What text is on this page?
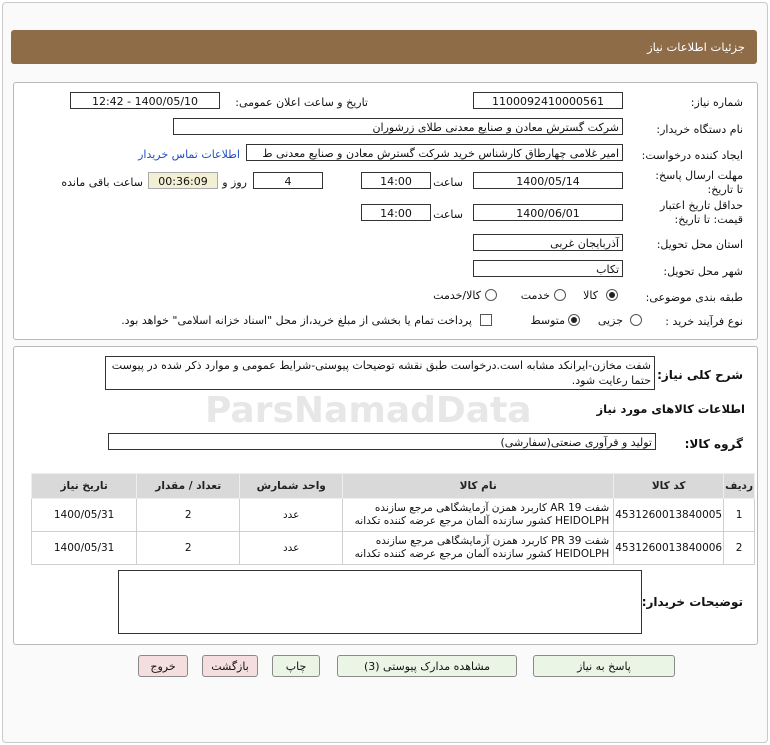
جزئیات اطلاعات نیاز
شماره نیاز:
1100092410000561
تاریخ و ساعت اعلان عمومی:
1400/05/10 - 12:42
نام دستگاه خریدار:
شرکت گسترش معادن و صنایع معدنی طلای زرشوران
ایجاد کننده درخواست:
امیر غلامی چهارطاق کارشناس خرید شرکت گسترش معادن و صنایع معدنی ط
اطلاعات تماس خریدار
مهلت ارسال پاسخ: تا تاریخ:
1400/05/14
ساعت
14:00
4
روز و
00:36:09
ساعت باقی مانده
حداقل تاریخ اعتبار قیمت: تا تاریخ:
1400/06/01
ساعت
14:00
استان محل تحویل:
آذربایجان غربی
شهر محل تحویل:
تکاب
طبقه بندی موضوعی:
کالا
خدمت
کالا/خدمت
نوع فرآیند خرید :
جزیی
متوسط
پرداخت تمام یا بخشی از مبلغ خرید،از محل "اسناد خزانه اسلامی" خواهد بود.
ردیف	کد کالا	نام کالا	واحد شمارش	تعداد / مقدار	تاریخ نیاز
1	4531260013840005	شفت AR 19 کاربرد همزن آزمایشگاهی مرجع سازنده HEIDOLPH کشور سازنده آلمان مرجع عرضه کننده تکدانه	عدد	2	1400/05/31
2	4531260013840006	شفت PR 39 کاربرد همزن آزمایشگاهی مرجع سازنده HEIDOLPH کشور سازنده آلمان مرجع عرضه کننده تکدانه	عدد	2	1400/05/31
شرح کلی نیاز:
شفت مخازن-ایرانکد مشابه است.درخواست طبق نقشه توضیحات پیوستی-شرایط عمومی و موارد ذکر شده در پیوست حتما رعایت شود.
اطلاعات کالاهای مورد نیاز
گروه کالا:
تولید و فرآوری صنعتی(سفارشی)
توضیحات خریدار:
پاسخ به نیاز
مشاهده مدارک پیوستی (3)
چاپ
بازگشت
خروج
